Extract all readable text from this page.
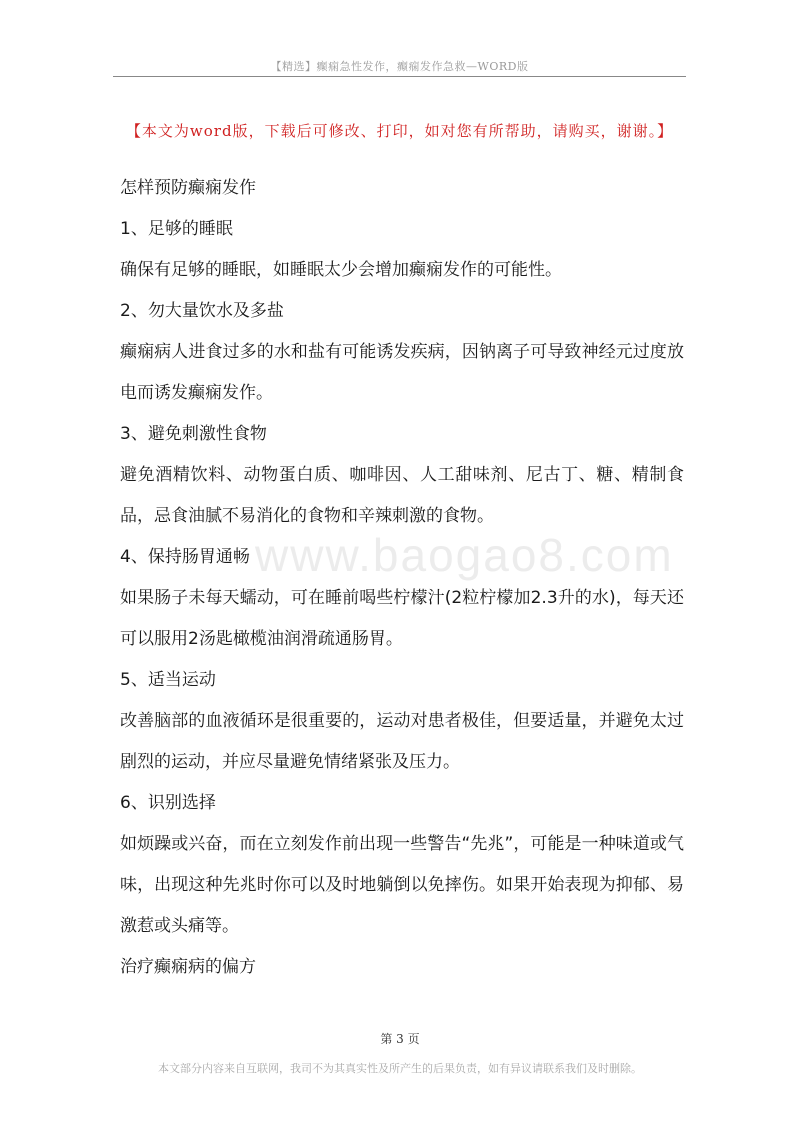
【精选】癫痫急性发作，癫痫发作急救—WORD版
【本文为word版，下载后可修改、打印，如对您有所帮助，请购买，谢谢。】
www.baogao8.com

怎样预防癫痫发作

1、足够的睡眠

确保有足够的睡眠，如睡眠太少会增加癫痫发作的可能性。

2、勿大量饮水及多盐

癫痫病人进食过多的水和盐有可能诱发疾病，因钠离子可导致神经元过度放电而诱发癫痫发作。

3、避免刺激性食物

避免酒精饮料、动物蛋白质、咖啡因、人工甜味剂、尼古丁、糖、精制食品，忌食油腻不易消化的食物和辛辣刺激的食物。

4、保持肠胃通畅

如果肠子未每天蠕动，可在睡前喝些柠檬汁(2粒柠檬加2.3升的水)，每天还可以服用2汤匙橄榄油润滑疏通肠胃。

5、适当运动

改善脑部的血液循环是很重要的，运动对患者极佳，但要适量，并避免太过剧烈的运动，并应尽量避免情绪紧张及压力。

6、识别选择

如烦躁或兴奋，而在立刻发作前出现一些警告“先兆”，可能是一种味道或气味，出现这种先兆时你可以及时地躺倒以免摔伤。如果开始表现为抑郁、易激惹或头痛等。

治疗癫痫病的偏方

第 3 页
本文部分内容来自互联网，我司不为其真实性及所产生的后果负责，如有异议请联系我们及时删除。
